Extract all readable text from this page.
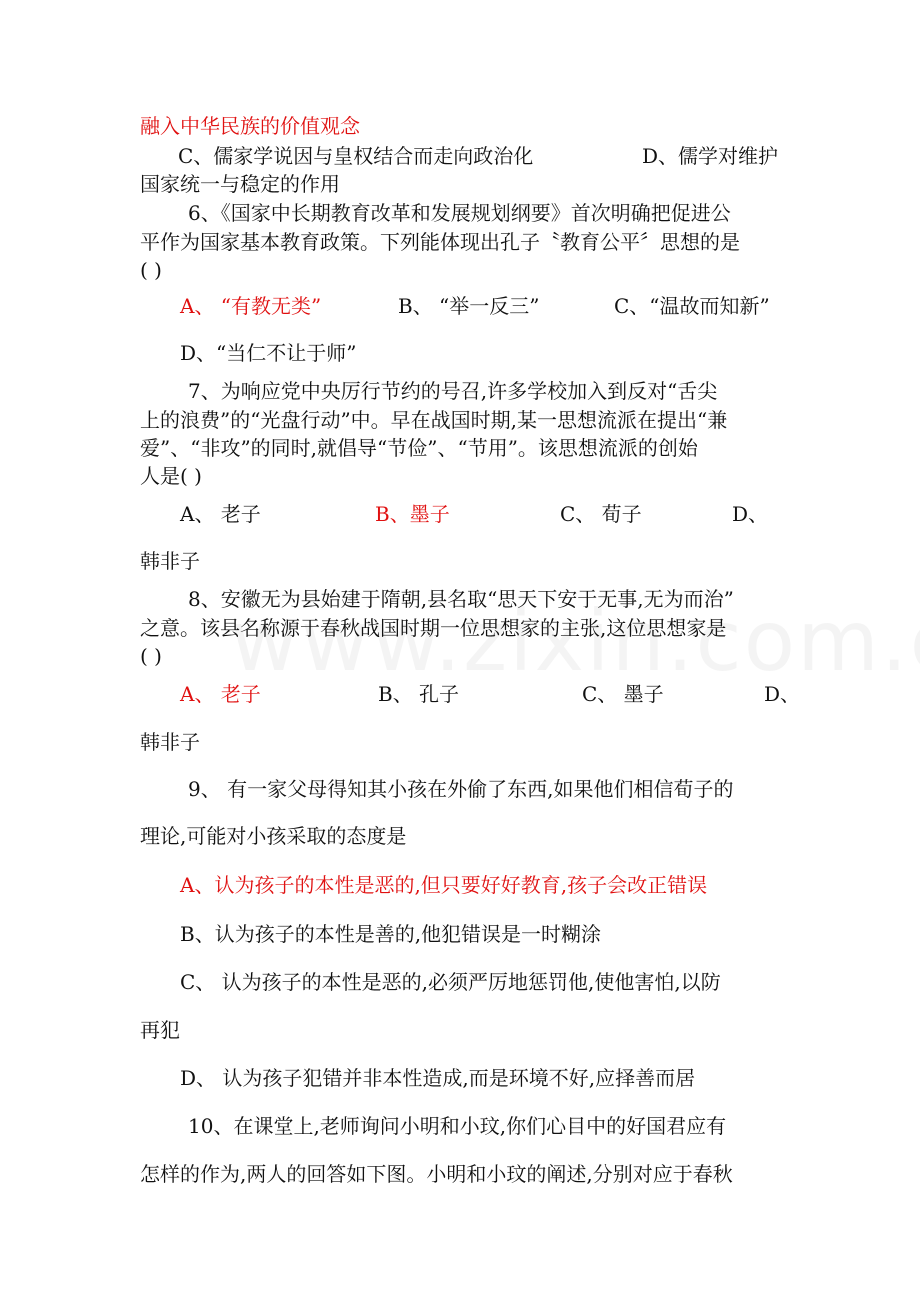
融入中华民族的价值观念

C、儒家学说因与皇权结合而走向政治化	D、儒学对维护

国家统一与稳定的作用

6、《国家中长期教育改革和发展规划纲要》首次明确把促进公

平作为国家基本教育政策。下列能体现出孔子〝教育公平〞思想的是

( )

A、 “有教无类”	B、 “举一反三”	C、“温故而知新”

D、“当仁不让于师”

7、为响应党中央厉行节约的号召,许多学校加入到反对“舌尖

上的浪费”的“光盘行动”中。早在战国时期,某一思想流派在提出“兼

爱”、“非攻”的同时,就倡导“节俭”、“节用”。该思想流派的创始

人是( )

A、 老子	B、墨子	C、 荀子	D、

韩非子

8、安徽无为县始建于隋朝,县名取“思天下安于无事,无为而治”

之意。该县名称源于春秋战国时期一位思想家的主张,这位思想家是

( )

A、 老子	B、 孔子	C、 墨子	D、

韩非子

9、 有一家父母得知其小孩在外偷了东西,如果他们相信荀子的

理论,可能对小孩采取的态度是

A、认为孩子的本性是恶的,但只要好好教育,孩子会改正错误

B、认为孩子的本性是善的,他犯错误是一时糊涂

C、 认为孩子的本性是恶的,必须严厉地惩罚他,使他害怕,以防

再犯

D、 认为孩子犯错并非本性造成,而是环境不好,应择善而居

10、在课堂上,老师询问小明和小玟,你们心目中的好国君应有

怎样的作为,两人的回答如下图。小明和小玟的阐述,分别对应于春秋
